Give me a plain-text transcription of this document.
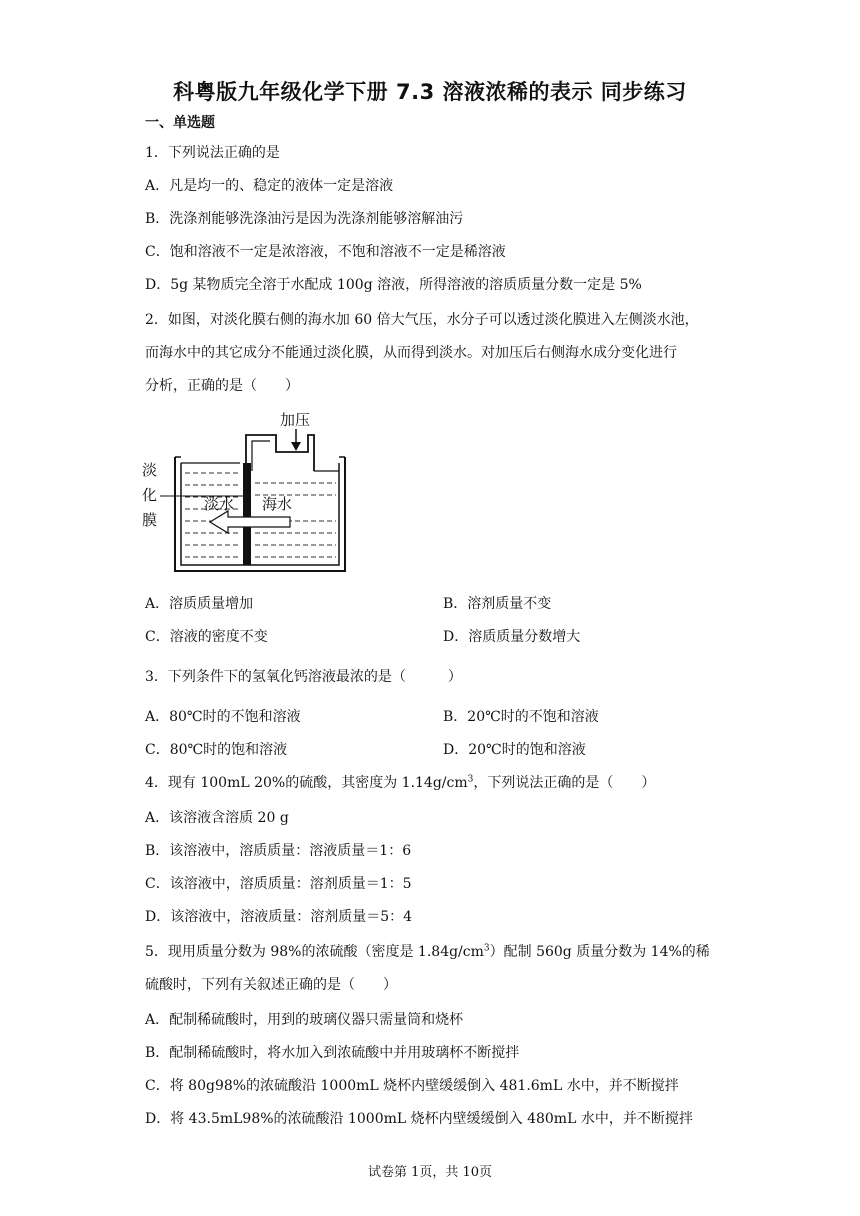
科粤版九年级化学下册 7.3 溶液浓稀的表示 同步练习
一、单选题
1．下列说法正确的是
A．凡是均一的、稳定的液体一定是溶液
B．洗涤剂能够洗涤油污是因为洗涤剂能够溶解油污
C．饱和溶液不一定是浓溶液，不饱和溶液不一定是稀溶液
D．5g 某物质完全溶于水配成 100g 溶液，所得溶液的溶质质量分数一定是 5%
2．如图，对淡化膜右侧的海水加 60 倍大气压，水分子可以透过淡化膜进入左侧淡水池，
而海水中的其它成分不能通过淡化膜，从而得到淡水。对加压后右侧海水成分变化进行
分析，正确的是（　　）
加压
淡
化
膜
淡水 海水
A．溶质质量增加	B．溶剂质量不变
C．溶液的密度不变	D．溶质质量分数增大
3．下列条件下的氢氧化钙溶液最浓的是（　　　）
A．80℃时的不饱和溶液	B．20℃时的不饱和溶液
C．80℃时的饱和溶液	D．20℃时的饱和溶液
4．现有 100mL 20%的硫酸，其密度为 $1.14g/cm^3$，下列说法正确的是（　　）
A．该溶液含溶质 20 g
B．该溶液中，溶质质量：溶液质量＝1：6
C．该溶液中，溶质质量：溶剂质量＝1：5
D．该溶液中，溶液质量：溶剂质量＝5：4
5．现用质量分数为 98%的浓硫酸（密度是 $1.84g/cm^3$）配制 560g 质量分数为 14%的稀
硫酸时，下列有关叙述正确的是（　　）
A．配制稀硫酸时，用到的玻璃仪器只需量筒和烧杯
B．配制稀硫酸时，将水加入到浓硫酸中并用玻璃杯不断搅拌
C．将 80g98%的浓硫酸沿 1000mL 烧杯内壁缓缓倒入 481.6mL 水中，并不断搅拌
D．将 43.5mL98%的浓硫酸沿 1000mL 烧杯内壁缓缓倒入 480mL 水中，并不断搅拌
试卷第 1页，共 10页
